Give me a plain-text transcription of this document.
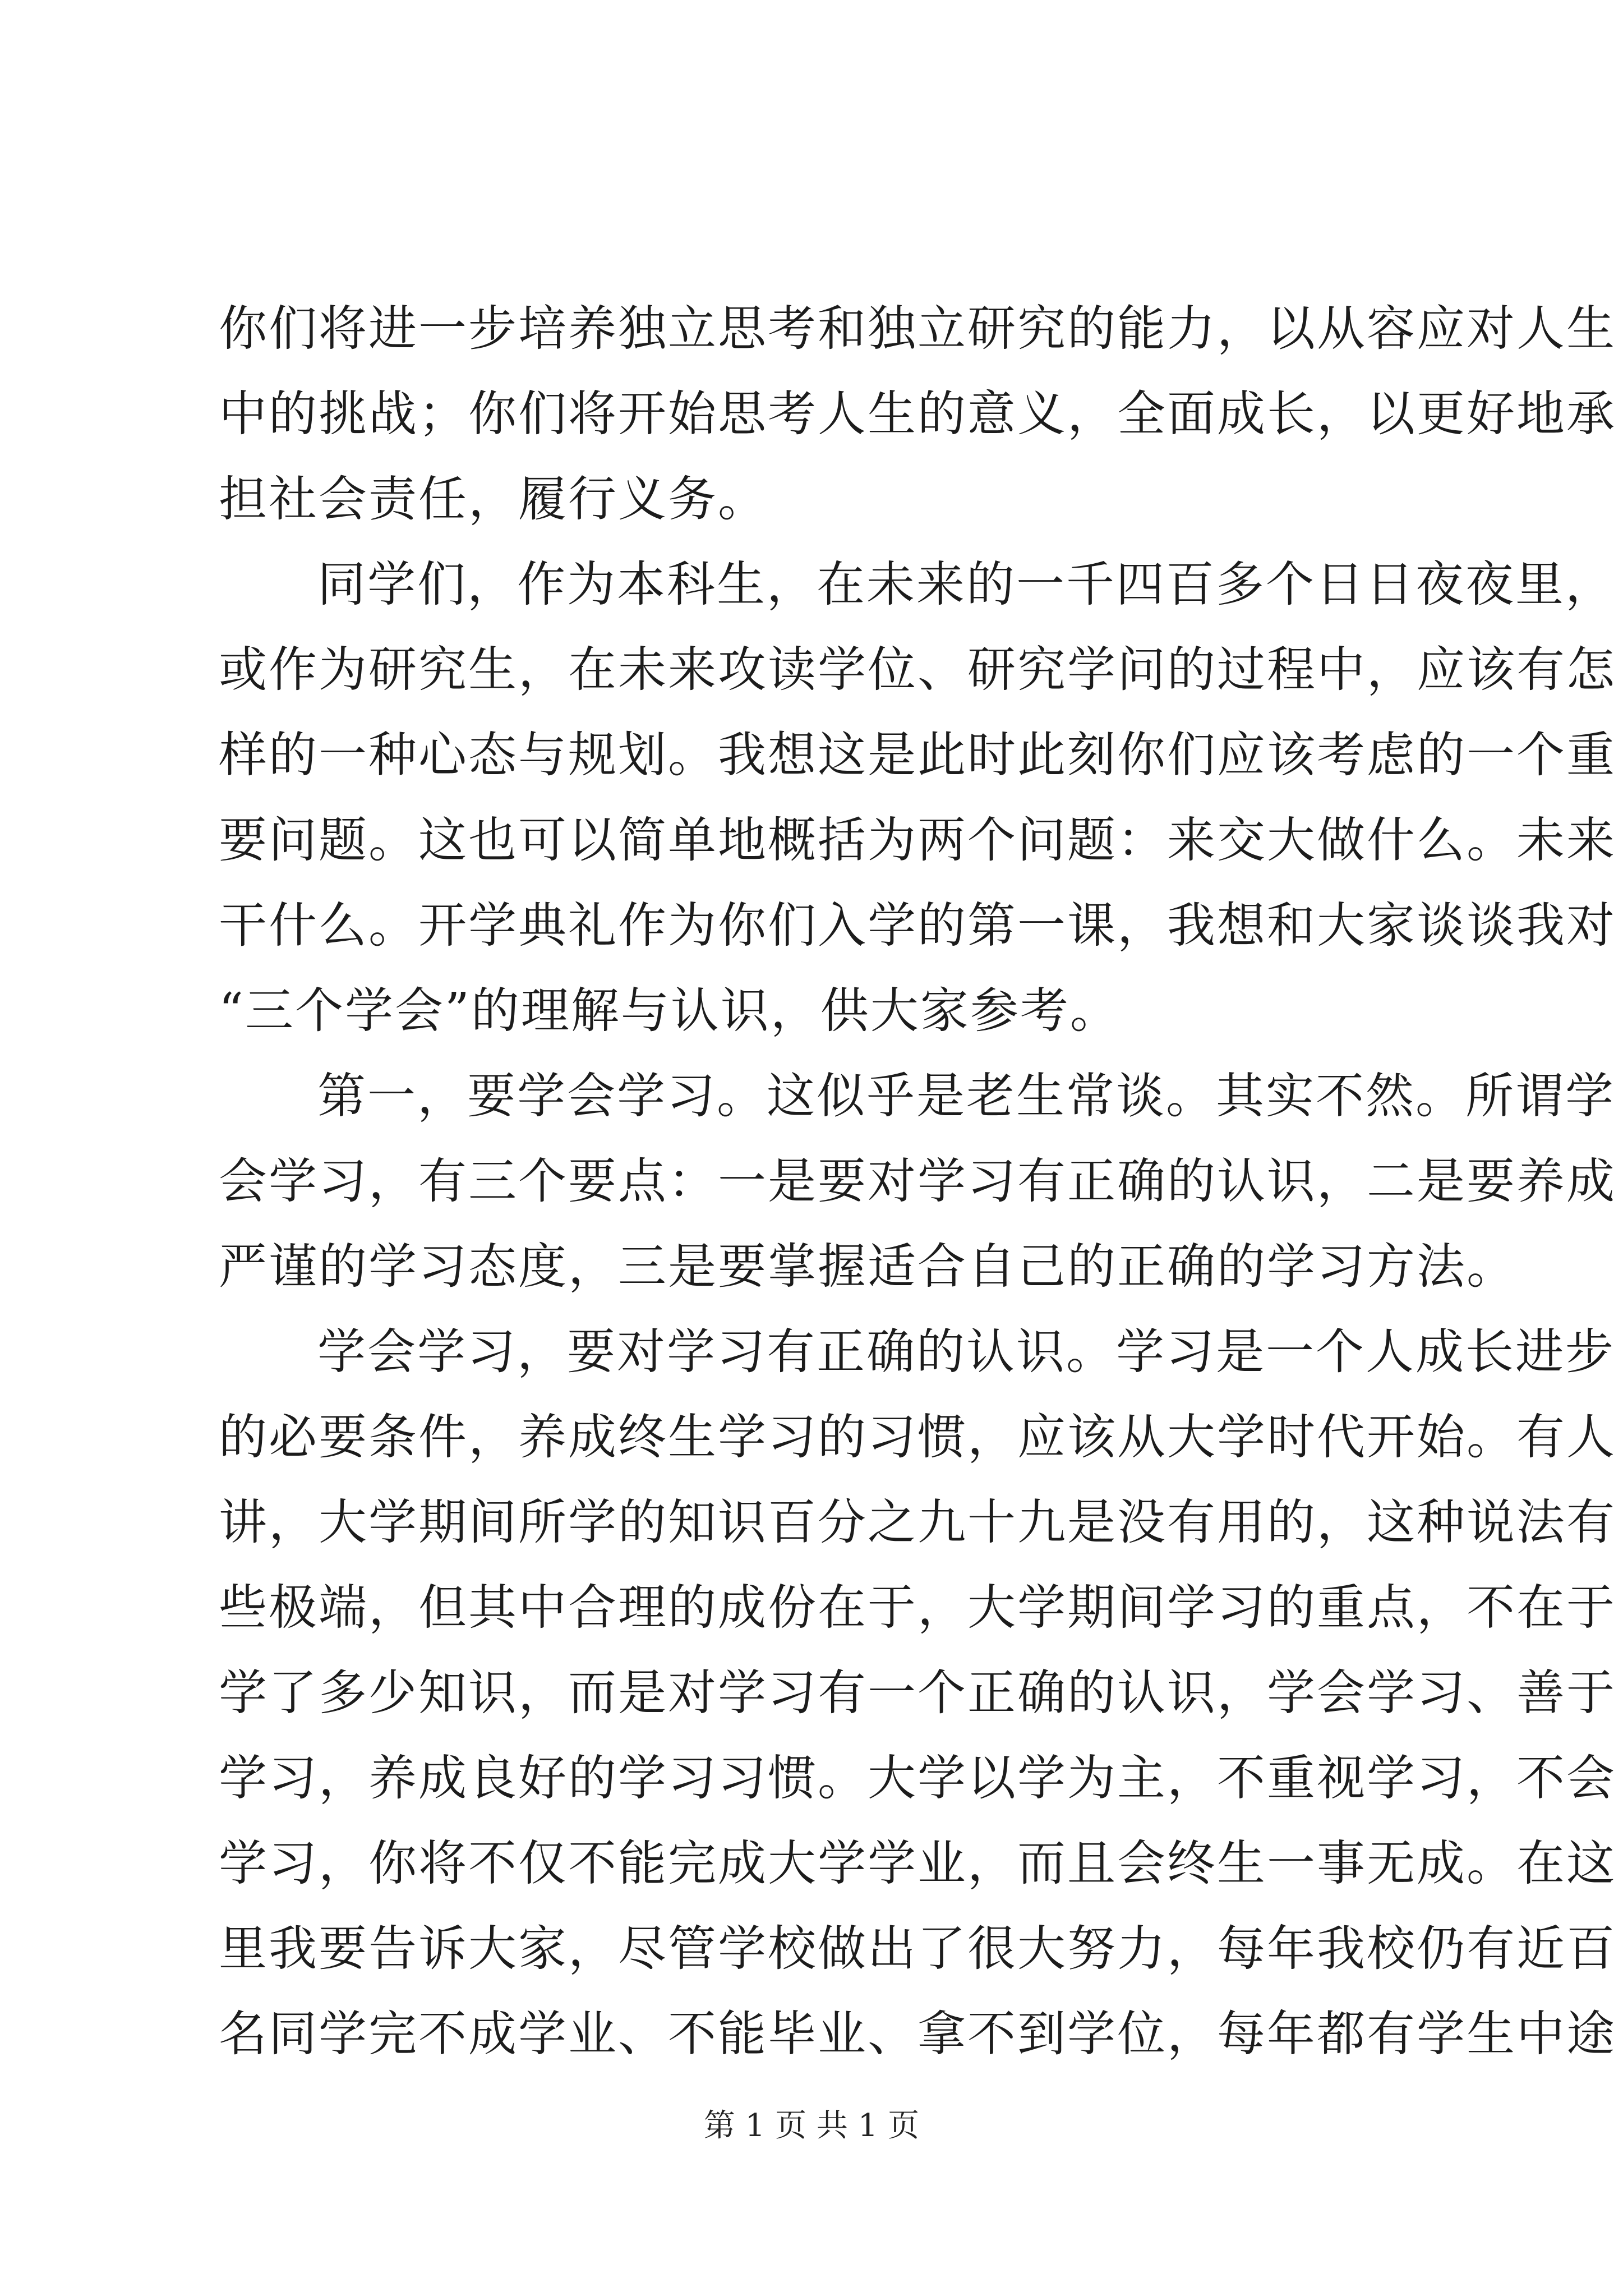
你们将进一步培养独立思考和独立研究的能力，以从容应对人生
中的挑战；你们将开始思考人生的意义，全面成长，以更好地承
担社会责任，履行义务。
同学们，作为本科生，在未来的一千四百多个日日夜夜里，
或作为研究生，在未来攻读学位、研究学问的过程中，应该有怎
样的一种心态与规划。我想这是此时此刻你们应该考虑的一个重
要问题。这也可以简单地概括为两个问题：来交大做什么。未来
干什么。开学典礼作为你们入学的第一课，我想和大家谈谈我对
“三个学会”的理解与认识，供大家参考。
第一，要学会学习。这似乎是老生常谈。其实不然。所谓学
会学习，有三个要点：一是要对学习有正确的认识，二是要养成
严谨的学习态度，三是要掌握适合自己的正确的学习方法。
学会学习，要对学习有正确的认识。学习是一个人成长进步
的必要条件，养成终生学习的习惯，应该从大学时代开始。有人
讲，大学期间所学的知识百分之九十九是没有用的，这种说法有
些极端，但其中合理的成份在于，大学期间学习的重点，不在于
学了多少知识，而是对学习有一个正确的认识，学会学习、善于
学习，养成良好的学习习惯。大学以学为主，不重视学习，不会
学习，你将不仅不能完成大学学业，而且会终生一事无成。在这
里我要告诉大家，尽管学校做出了很大努力，每年我校仍有近百
名同学完不成学业、不能毕业、拿不到学位，每年都有学生中途
第 1 页 共 1 页
